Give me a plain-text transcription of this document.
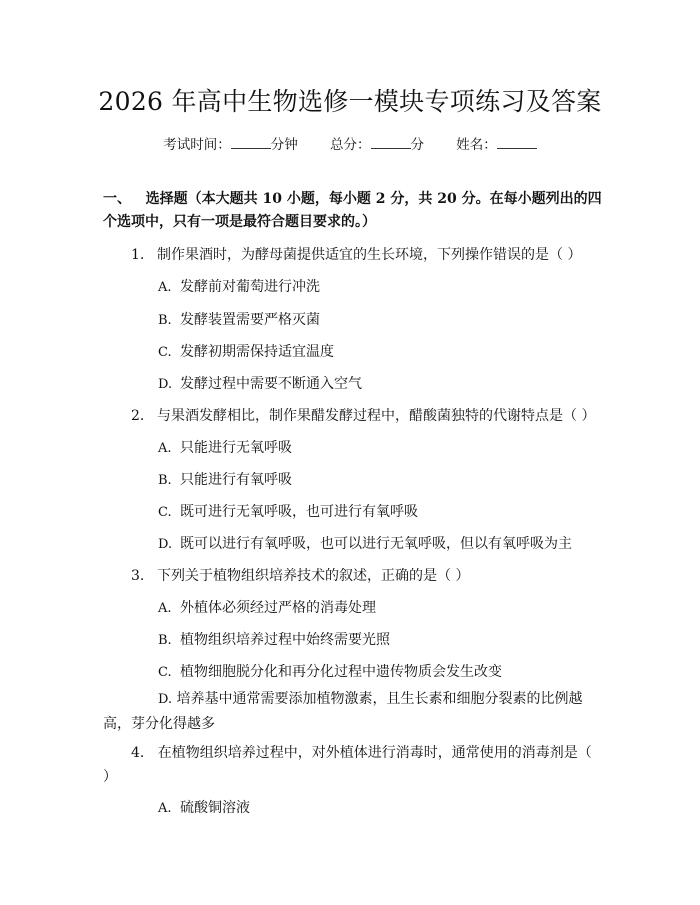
2026 年高中生物选修一模块专项练习及答案
考试时间：	分钟 总分：	分 姓名：
一、 选择题（本大题共 10 小题，每小题 2 分，共 20 分。在每小题列出的四个选项中，只有一项是最符合题目要求的。）
1. 制作果酒时，为酵母菌提供适宜的生长环境，下列操作错误的是（ ）
A. 发酵前对葡萄进行冲洗
B. 发酵装置需要严格灭菌
C. 发酵初期需保持适宜温度
D. 发酵过程中需要不断通入空气
2. 与果酒发酵相比，制作果醋发酵过程中，醋酸菌独特的代谢特点是（ ）
A. 只能进行无氧呼吸
B. 只能进行有氧呼吸
C. 既可进行无氧呼吸，也可进行有氧呼吸
D. 既可以进行有氧呼吸，也可以进行无氧呼吸，但以有氧呼吸为主
3. 下列关于植物组织培养技术的叙述，正确的是（ ）
A. 外植体必须经过严格的消毒处理
B. 植物组织培养过程中始终需要光照
C. 植物细胞脱分化和再分化过程中遗传物质会发生改变
D. 培养基中通常需要添加植物激素，且生长素和细胞分裂素的比例越高，芽分化得越多
4. 在植物组织培养过程中，对外植体进行消毒时，通常使用的消毒剂是（ ）
A. 硫酸铜溶液
